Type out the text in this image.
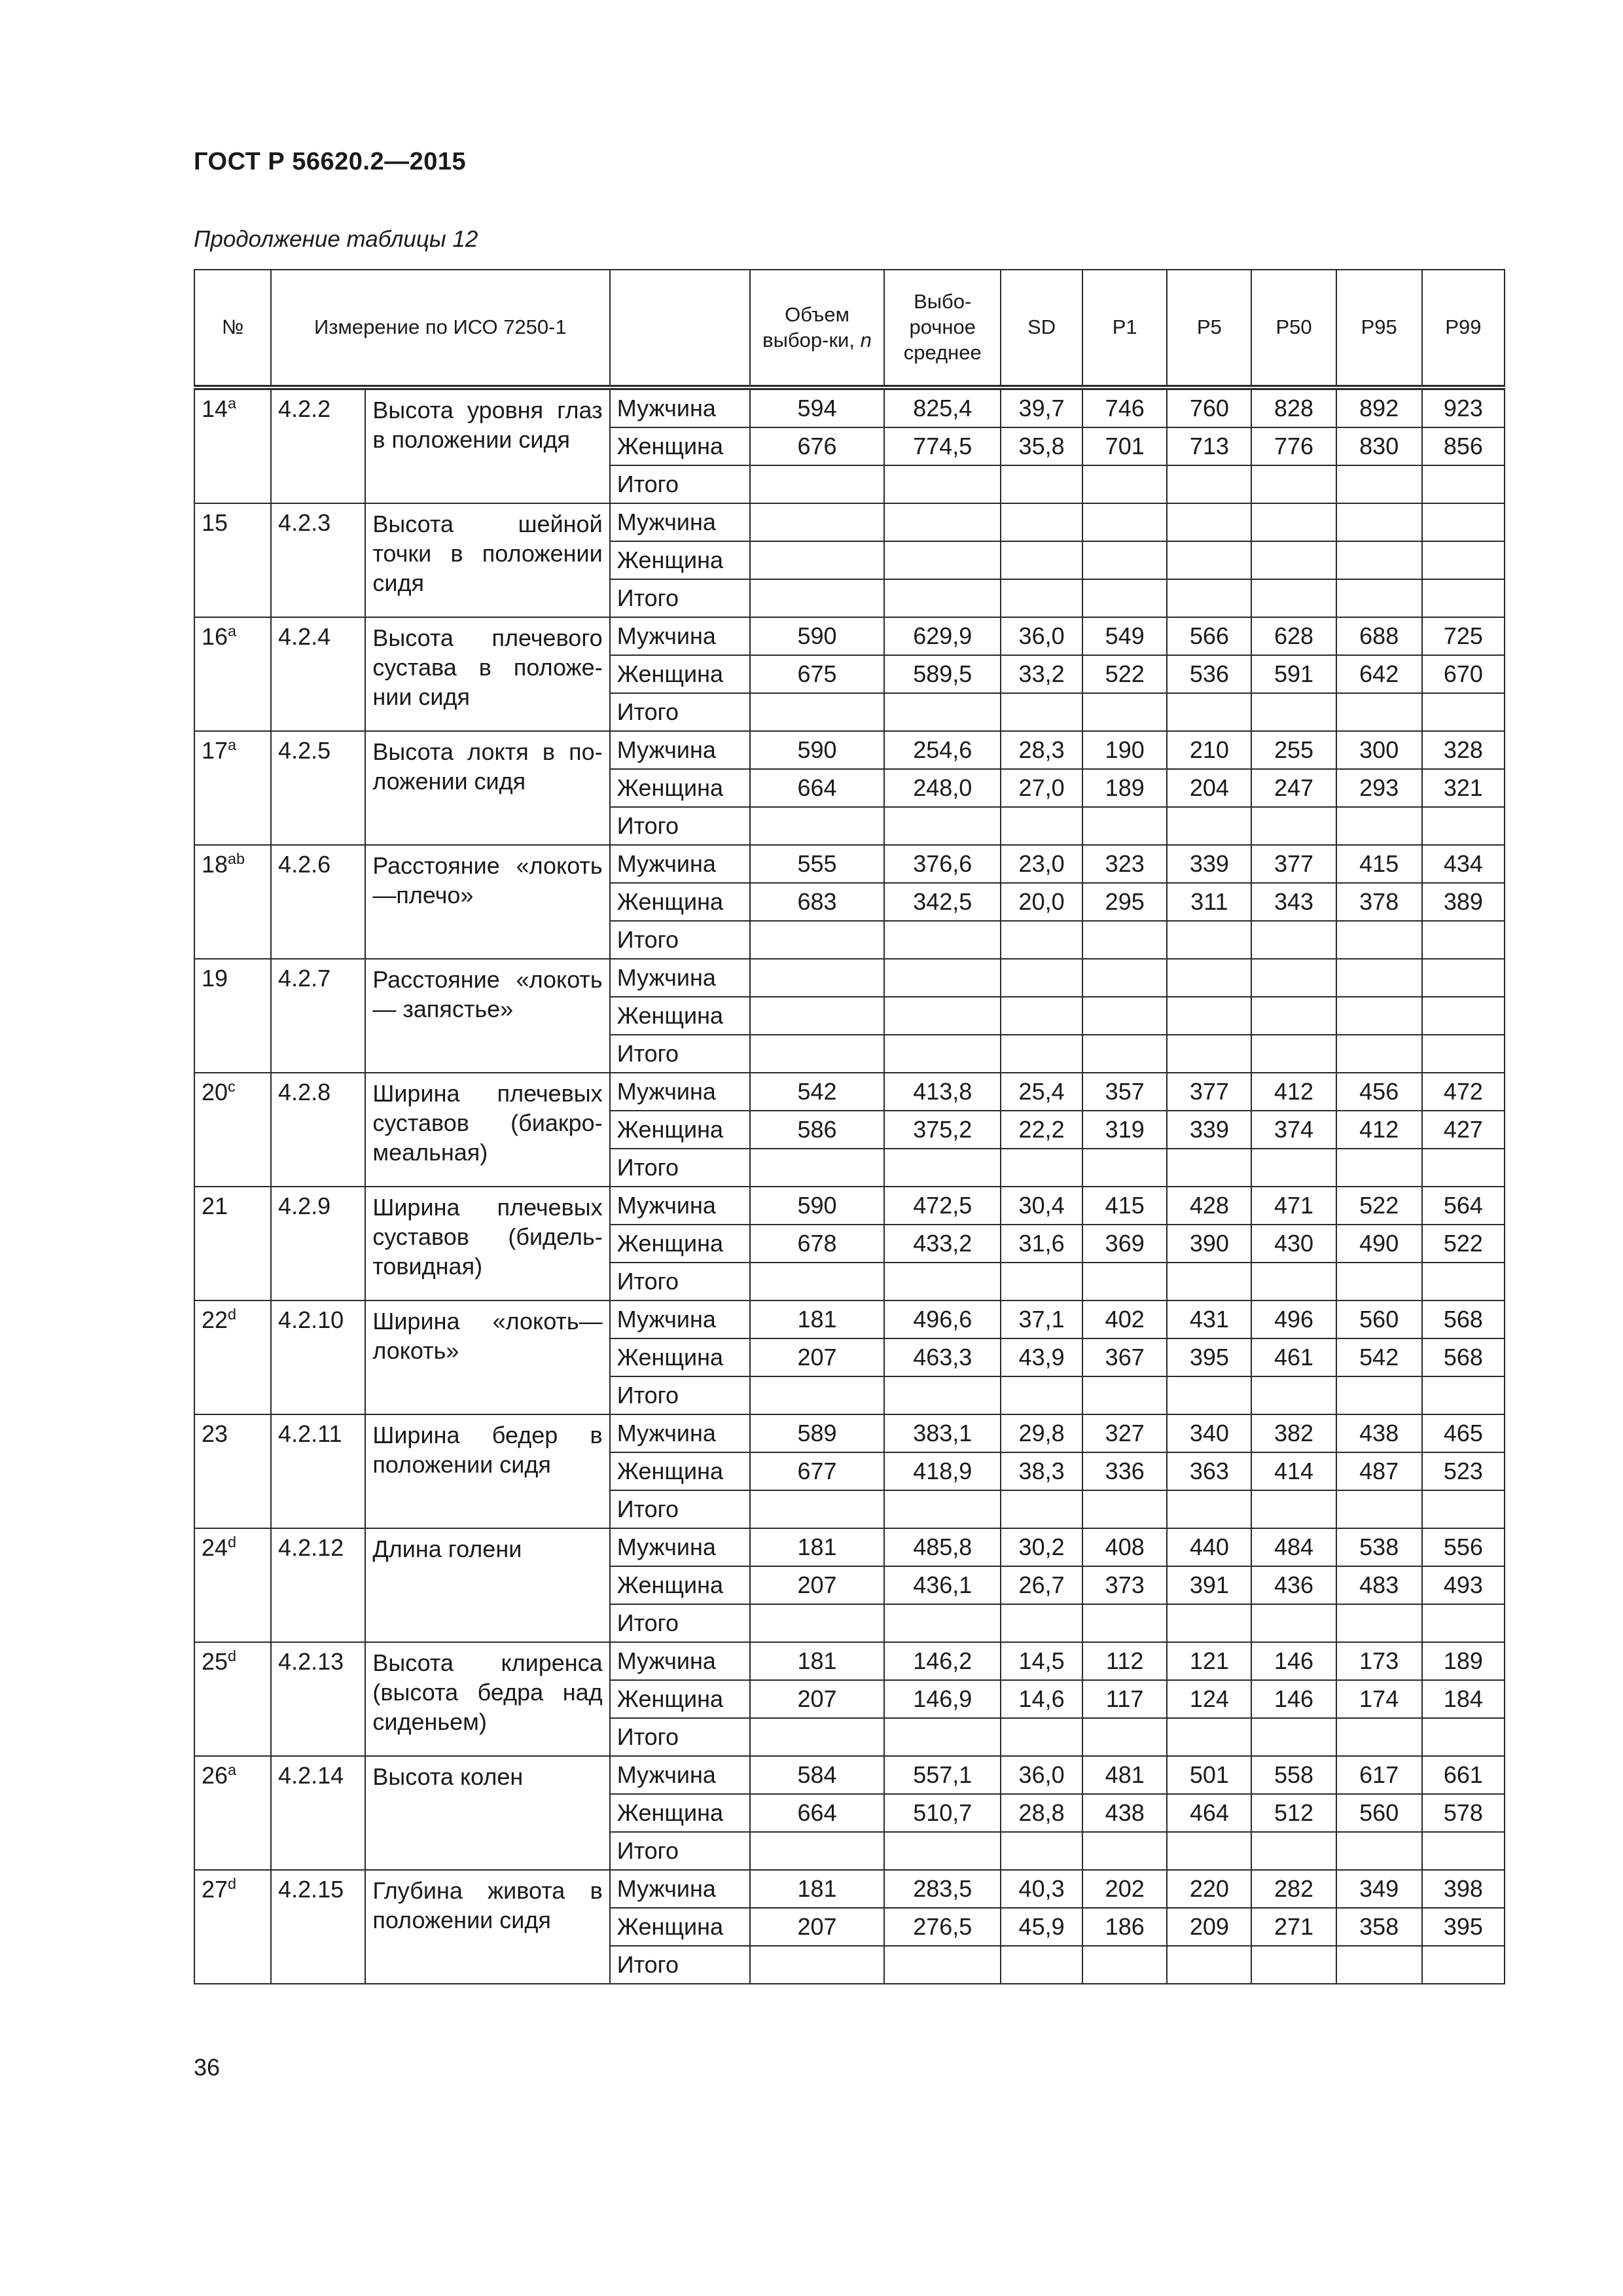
ГОСТ Р 56620.2—2015
Продолжение таблицы 12
№	Измерение по ИСО 7250-1			Объем выбор-ки, n	Выбо-рочное среднее	SD	P1	P5	P50	P95	P99
14$^a$	4.2.2	Высота уровня глаз в положении сидя	Мужчина	594	825,4	39,7	746	760	828	892	923
			Женщина	676	774,5	35,8	701	713	776	830	856
			Итого								
15	4.2.3	Высота шейной точки в положении сидя	Мужчина								
			Женщина								
			Итого								
16$^a$	4.2.4	Высота плечевого сустава в положе-нии сидя	Мужчина	590	629,9	36,0	549	566	628	688	725
			Женщина	675	589,5	33,2	522	536	591	642	670
			Итого								
17$^a$	4.2.5	Высота локтя в по-ложении сидя	Мужчина	590	254,6	28,3	190	210	255	300	328
			Женщина	664	248,0	27,0	189	204	247	293	321
			Итого								
$18^{ab}$	4.2.6	Расстояние «локоть—плечо»	Мужчина	555	376,6	23,0	323	339	377	415	434
			Женщина	683	342,5	20,0	295	311	343	378	389
			Итого								
19	4.2.7	Расстояние «локоть— запястье»	Мужчина								
			Женщина								
			Итого								
20$^c$	4.2.8	Ширина плечевых суставов (биакро-меальная)	Мужчина	542	413,8	25,4	357	377	412	456	472
			Женщина	586	375,2	22,2	319	339	374	412	427
			Итого								
21	4.2.9	Ширина плечевых суставов (бидель-товидная)	Мужчина	590	472,5	30,4	415	428	471	522	564
			Женщина	678	433,2	31,6	369	390	430	490	522
			Итого								
22$^d$	4.2.10	Ширина «локоть— локоть»	Мужчина	181	496,6	37,1	402	431	496	560	568
			Женщина	207	463,3	43,9	367	395	461	542	568
			Итого								
23	4.2.11	Ширина бедер в положении сидя	Мужчина	589	383,1	29,8	327	340	382	438	465
			Женщина	677	418,9	38,3	336	363	414	487	523
			Итого								
24$^d$	4.2.12	Длина голени	Мужчина	181	485,8	30,2	408	440	484	538	556
			Женщина	207	436,1	26,7	373	391	436	483	493
			Итого								
25$^d$	4.2.13	Высота клиренса (высота бедра над сиденьем)	Мужчина	181	146,2	14,5	112	121	146	173	189
			Женщина	207	146,9	14,6	117	124	146	174	184
			Итого								
26$^a$	4.2.14	Высота колен	Мужчина	584	557,1	36,0	481	501	558	617	661
			Женщина	664	510,7	28,8	438	464	512	560	578
			Итого								
27$^d$	4.2.15	Глубина живота в положении сидя	Мужчина	181	283,5	40,3	202	220	282	349	398
			Женщина	207	276,5	45,9	186	209	271	358	395
			Итого								
36
